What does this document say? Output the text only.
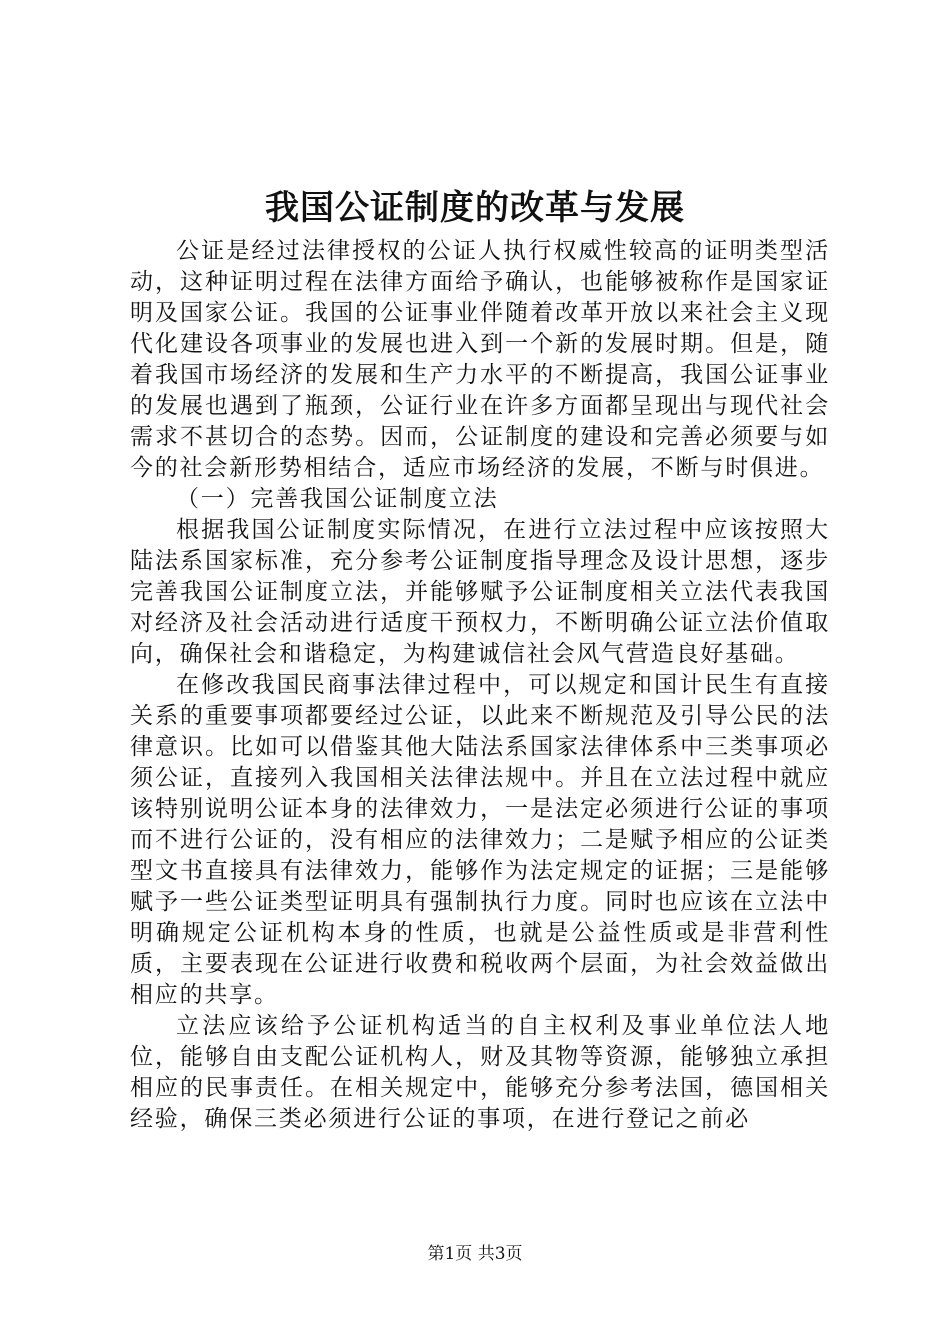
我国公证制度的改革与发展

公证是经过法律授权的公证人执行权威性较高的证明类型活动，这种证明过程在法律方面给予确认，也能够被称作是国家证明及国家公证。我国的公证事业伴随着改革开放以来社会主义现代化建设各项事业的发展也进入到一个新的发展时期。但是，随着我国市场经济的发展和生产力水平的不断提高，我国公证事业的发展也遇到了瓶颈，公证行业在许多方面都呈现出与现代社会需求不甚切合的态势。因而，公证制度的建设和完善必须要与如今的社会新形势相结合，适应市场经济的发展，不断与时俱进。

（一）完善我国公证制度立法

根据我国公证制度实际情况，在进行立法过程中应该按照大陆法系国家标准，充分参考公证制度指导理念及设计思想，逐步完善我国公证制度立法，并能够赋予公证制度相关立法代表我国对经济及社会活动进行适度干预权力，不断明确公证立法价值取向，确保社会和谐稳定，为构建诚信社会风气营造良好基础。

在修改我国民商事法律过程中，可以规定和国计民生有直接关系的重要事项都要经过公证，以此来不断规范及引导公民的法律意识。比如可以借鉴其他大陆法系国家法律体系中三类事项必须公证，直接列入我国相关法律法规中。并且在立法过程中就应该特别说明公证本身的法律效力，一是法定必须进行公证的事项而不进行公证的，没有相应的法律效力；二是赋予相应的公证类型文书直接具有法律效力，能够作为法定规定的证据；三是能够赋予一些公证类型证明具有强制执行力度。同时也应该在立法中明确规定公证机构本身的性质，也就是公益性质或是非营利性质，主要表现在公证进行收费和税收两个层面，为社会效益做出相应的共享。

立法应该给予公证机构适当的自主权利及事业单位法人地位，能够自由支配公证机构人，财及其物等资源，能够独立承担相应的民事责任。在相关规定中，能够充分参考法国，德国相关经验，确保三类必须进行公证的事项，在进行登记之前必

第1页 共3页
